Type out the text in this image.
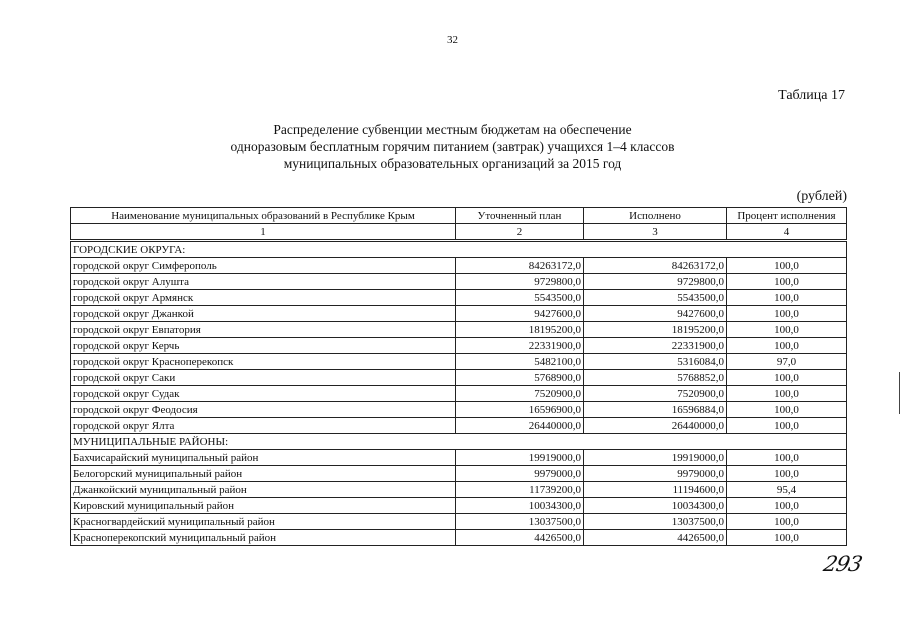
32
Таблица 17
Распределение субвенции местным бюджетам на обеспечение
одноразовым бесплатным горячим питанием (завтрак) учащихся 1–4 классов
муниципальных образовательных организаций за 2015 год
(рублей)
Наименование муниципальных образований в Республике Крым	Уточненный план	Исполнено	Процент исполнения
1	2	3	4
ГОРОДСКИЕ ОКРУГА:			
городской округ Симферополь	84263172,0	84263172,0	100,0
городской округ Алушта	9729800,0	9729800,0	100,0
городской округ Армянск	5543500,0	5543500,0	100,0
городской округ Джанкой	9427600,0	9427600,0	100,0
городской округ Евпатория	18195200,0	18195200,0	100,0
городской округ Керчь	22331900,0	22331900,0	100,0
городской округ Красноперекопск	5482100,0	5316084,0	97,0
городской округ Саки	5768900,0	5768852,0	100,0
городской округ Судак	7520900,0	7520900,0	100,0
городской округ Феодосия	16596900,0	16596884,0	100,0
городской округ Ялта	26440000,0	26440000,0	100,0
МУНИЦИПАЛЬНЫЕ РАЙОНЫ:			
Бахчисарайский муниципальный район	19919000,0	19919000,0	100,0
Белогорский муниципальный район	9979000,0	9979000,0	100,0
Джанкойский муниципальный район	11739200,0	11194600,0	95,4
Кировский муниципальный район	10034300,0	10034300,0	100,0
Красногвардейский муниципальный район	13037500,0	13037500,0	100,0
Красноперекопский муниципальный район	4426500,0	4426500,0	100,0
293
